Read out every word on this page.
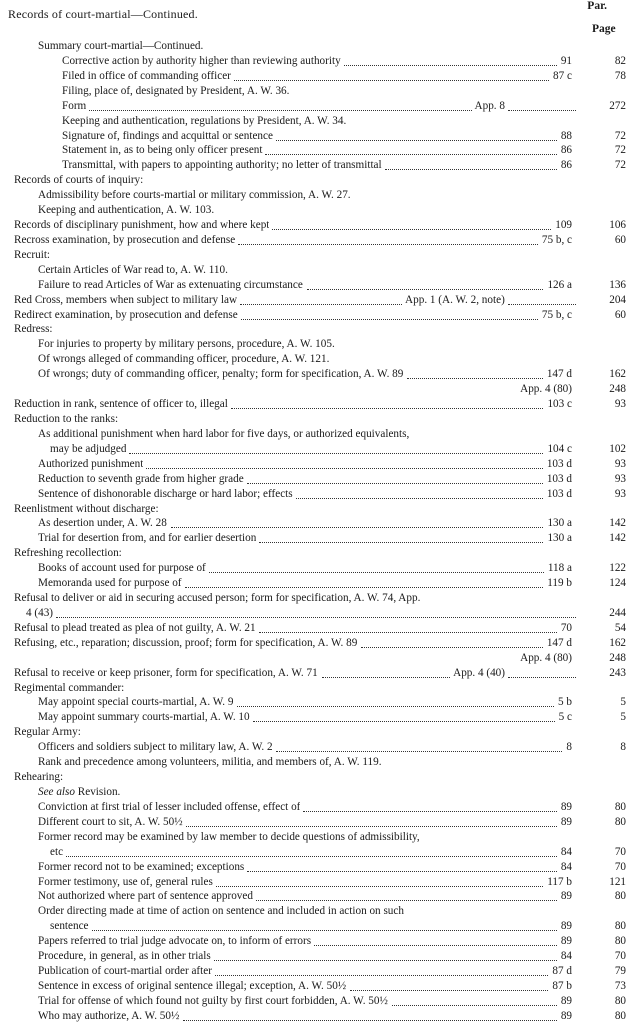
Records of court-martial—Continued.
Par.
Page
Summary court-martial—Continued.
Corrective action by authority higher than reviewing authority	91	82
Filed in office of commanding officer	87 c	78
Filing, place of, designated by President, A. W. 36.
Form	App. 8	272
Keeping and authentication, regulations by President, A. W. 34.
Signature of, findings and acquittal or sentence	88	72
Statement in, as to being only officer present	86	72
Transmittal, with papers to appointing authority; no letter of transmittal	86	72
Records of courts of inquiry:
Admissibility before courts-martial or military commission, A. W. 27.
Keeping and authentication, A. W. 103.
Records of disciplinary punishment, how and where kept	109	106
Recross examination, by prosecution and defense	75 b, c	60
Recruit:
Certain Articles of War read to, A. W. 110.
Failure to read Articles of War as extenuating circumstance	126 a	136
Red Cross, members when subject to military law	App. 1 (A. W. 2, note)	204
Redirect examination, by prosecution and defense	75 b, c	60
Redress:
For injuries to property by military persons, procedure, A. W. 105.
Of wrongs alleged of commanding officer, procedure, A. W. 121.
Of wrongs; duty of commanding officer, penalty; form for specification, A. W. 89	147 d	162
App. 4 (80)	248
Reduction in rank, sentence of officer to, illegal	103 c	93
Reduction to the ranks:
As additional punishment when hard labor for five days, or authorized equivalents,
may be adjudged	104 c	102
Authorized punishment	103 d	93
Reduction to seventh grade from higher grade	103 d	93
Sentence of dishonorable discharge or hard labor; effects	103 d	93
Reenlistment without discharge:
As desertion under, A. W. 28	130 a	142
Trial for desertion from, and for earlier desertion	130 a	142
Refreshing recollection:
Books of account used for purpose of	118 a	122
Memoranda used for purpose of	119 b	124
Refusal to deliver or aid in securing accused person; form for specification, A. W. 74, App.
4 (43)	244
Refusal to plead treated as plea of not guilty, A. W. 21	70	54
Refusing, etc., reparation; discussion, proof; form for specification, A. W. 89	147 d	162
App. 4 (80)	248
Refusal to receive or keep prisoner, form for specification, A. W. 71	App. 4 (40)	243
Regimental commander:
May appoint special courts-martial, A. W. 9	5 b	5
May appoint summary courts-martial, A. W. 10	5 c	5
Regular Army:
Officers and soldiers subject to military law, A. W. 2	8	8
Rank and precedence among volunteers, militia, and members of, A. W. 119.
Rehearing:
See also Revision.
Conviction at first trial of lesser included offense, effect of	89	80
Different court to sit, A. W. 50½	89	80
Former record may be examined by law member to decide questions of admissibility,
etc	84	70
Former record not to be examined; exceptions	84	70
Former testimony, use of, general rules	117 b	121
Not authorized where part of sentence approved	89	80
Order directing made at time of action on sentence and included in action on such
sentence	89	80
Papers referred to trial judge advocate on, to inform of errors	89	80
Procedure, in general, as in other trials	84	70
Publication of court-martial order after	87 d	79
Sentence in excess of original sentence illegal; exception, A. W. 50½	87 b	73
Trial for offense of which found not guilty by first court forbidden, A. W. 50½	89	80
Who may authorize, A. W. 50½	89	80
